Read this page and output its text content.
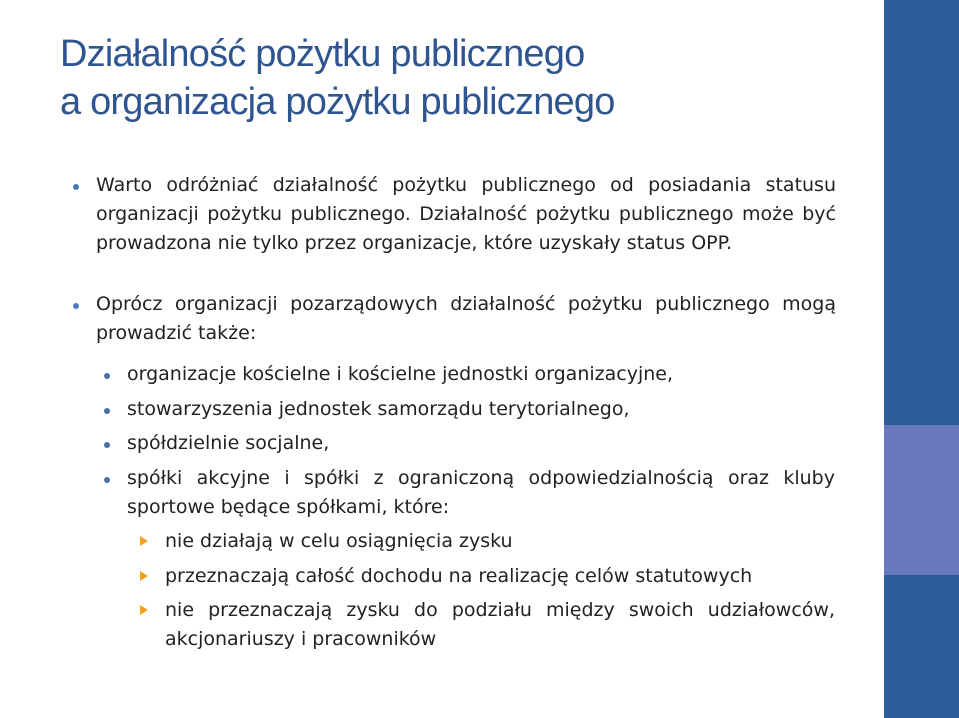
Działalność pożytku publicznego
a organizacja pożytku publicznego
Warto odróżniać działalność pożytku publicznego od posiadania statusu organizacji pożytku publicznego. Działalność pożytku publicznego może być prowadzona nie tylko przez organizacje, które uzyskały status OPP.
Oprócz organizacji pozarządowych działalność pożytku publicznego mogą prowadzić także:
organizacje kościelne i kościelne jednostki organizacyjne,
stowarzyszenia jednostek samorządu terytorialnego,
spółdzielnie socjalne,
spółki akcyjne i spółki z ograniczoną odpowiedzialnością oraz kluby sportowe będące spółkami, które:
nie działają w celu osiągnięcia zysku
przeznaczają całość dochodu na realizację celów statutowych
nie przeznaczają zysku do podziału między swoich udziałowców, akcjonariuszy i pracowników
